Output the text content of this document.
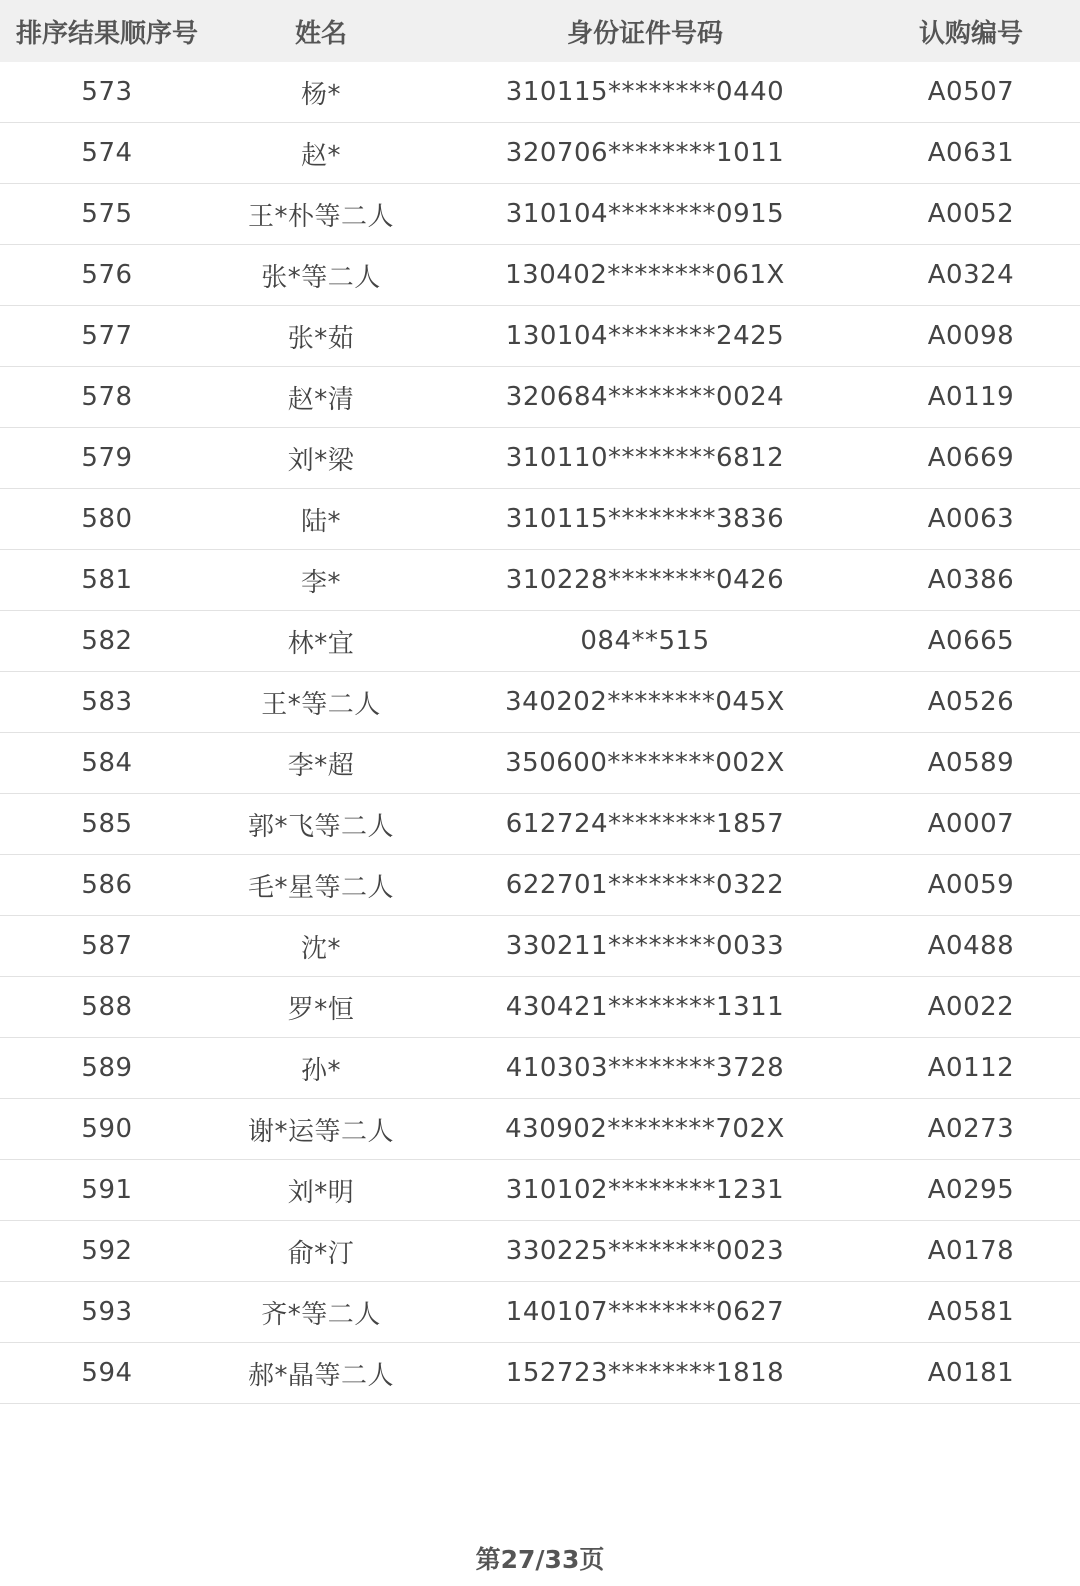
排序结果顺序号	姓名	身份证件号码	认购编号
573	杨*	310115********0440	A0507
574	赵*	320706********1011	A0631
575	王*朴等二人	310104********0915	A0052
576	张*等二人	130402********061X	A0324
577	张*茹	130104********2425	A0098
578	赵*清	320684********0024	A0119
579	刘*梁	310110********6812	A0669
580	陆*	310115********3836	A0063
581	李*	310228********0426	A0386
582	林*宜	084**515	A0665
583	王*等二人	340202********045X	A0526
584	李*超	350600********002X	A0589
585	郭*飞等二人	612724********1857	A0007
586	毛*星等二人	622701********0322	A0059
587	沈*	330211********0033	A0488
588	罗*恒	430421********1311	A0022
589	孙*	410303********3728	A0112
590	谢*运等二人	430902********702X	A0273
591	刘*明	310102********1231	A0295
592	俞*汀	330225********0023	A0178
593	齐*等二人	140107********0627	A0581
594	郝*晶等二人	152723********1818	A0181
第27/33页
